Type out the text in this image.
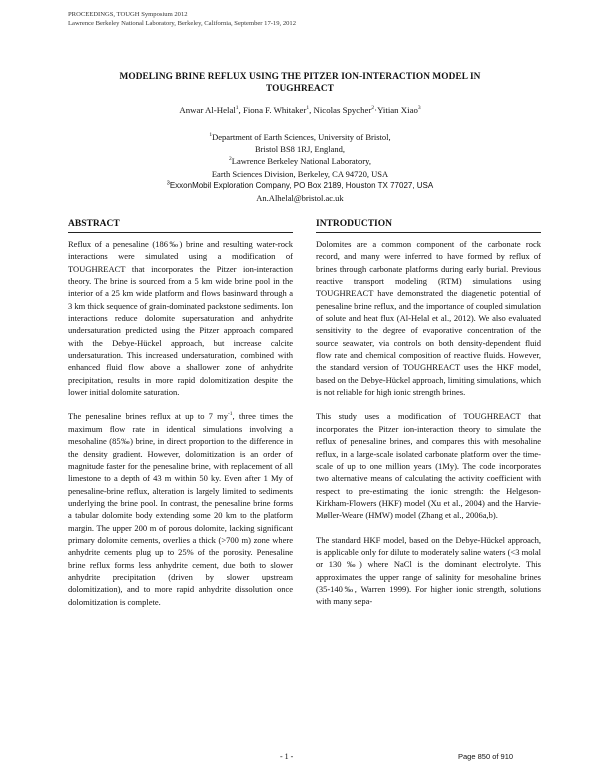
PROCEEDINGS, TOUGH Symposium 2012
Lawrence Berkeley National Laboratory, Berkeley, California, September 17-19, 2012
MODELING BRINE REFLUX USING THE PITZER ION-INTERACTION MODEL IN
TOUGHREACT
Anwar Al-Helal$^1$, Fiona F. Whitaker$^1$, Nicolas Spycher$^2$·Yitian Xiao$^3$
$^1$Department of Earth Sciences, University of Bristol,
Bristol BS8 1RJ, England,
$^2$Lawrence Berkeley National Laboratory,
Earth Sciences Division, Berkeley, CA 94720, USA
$^3$ExxonMobil Exploration Company, PO Box 2189, Houston TX 77027, USA
An.Alhelal@bristol.ac.uk
ABSTRACT

Reflux of a penesaline (186‰) brine and resulting water-rock interactions were simulated using a modification of TOUGHREACT that incorporates the Pitzer ion-interaction theory. The brine is sourced from a 5 km wide brine pool in the interior of a 25 km wide platform and flows basinward through a 3 km thick sequence of grain-dominated packstone sediments. Ion interactions reduce dolomite supersaturation and anhydrite undersaturation predicted using the Pitzer approach compared with the Debye-Hückel approach, but increase calcite undersaturation. This increased undersaturation, combined with enhanced fluid flow above a shallower zone of anhydrite precipitation, results in more rapid dolomitization despite the lower initial dolomite saturation.

The penesaline brines reflux at up to 7 $my^{-1}$, three times the maximum flow rate in identical simulations involving a mesohaline (85‰) brine, in direct proportion to the difference in the density gradient. However, dolomitization is an order of magnitude faster for the penesaline brine, with replacement of all limestone to a depth of 43 m within 50 ky. Even after 1 My of penesaline-brine reflux, alteration is largely limited to sediments underlying the brine pool. In contrast, the penesaline brine forms a tabular dolomite body extending some 20 km to the platform margin. The upper 200 m of porous dolomite, lacking significant primary dolomite cements, overlies a thick (>700 m) zone where anhydrite cements plug up to 25% of the porosity. Penesaline brine reflux forms less anhydrite cement, due both to slower anhydrite precipitation (driven by slower upstream dolomitization), and to more rapid anhydrite dissolution once dolomitization is complete.

INTRODUCTION

Dolomites are a common component of the carbonate rock record, and many were inferred to have formed by reflux of brines through carbonate platforms during early burial. Previous reactive transport modeling (RTM) simulations using TOUGHREACT have demonstrated the diagenetic potential of penesaline brine reflux, and the importance of coupled simulation of solute and heat flux (Al-Helal et al., 2012). We also evaluated sensitivity to the degree of evaporative concentration of the source seawater, via controls on both density-dependent fluid flow rate and chemical composition of reactive fluids. However, the standard version of TOUGHREACT uses the HKF model, based on the Debye-Hückel approach, limiting simulations, which is not reliable for high ionic strength brines.

This study uses a modification of TOUGHREACT that incorporates the Pitzer ion-interaction theory to simulate the reflux of penesaline brines, and compares this with mesohaline reflux, in a large-scale isolated carbonate platform over the time-scale of up to one million years (1My). The code incorporates two alternative means of calculating the activity coefficient with respect to pre-estimating the ionic strength: the Helgeson-Kirkham-Flowers (HKF) model (Xu et al., 2004) and the Harvie-Møller-Weare (HMW) model (Zhang et al., 2006a,b).

The standard HKF model, based on the Debye-Hückel approach, is applicable only for dilute to moderately saline waters (<3 molal or 130 ‰) where NaCl is the dominant electrolyte. This approximates the upper range of salinity for mesohaline brines (35-140‰, Warren 1999). For higher ionic strength, solutions with many sepa-

- 1 -	Page 850 of 910
